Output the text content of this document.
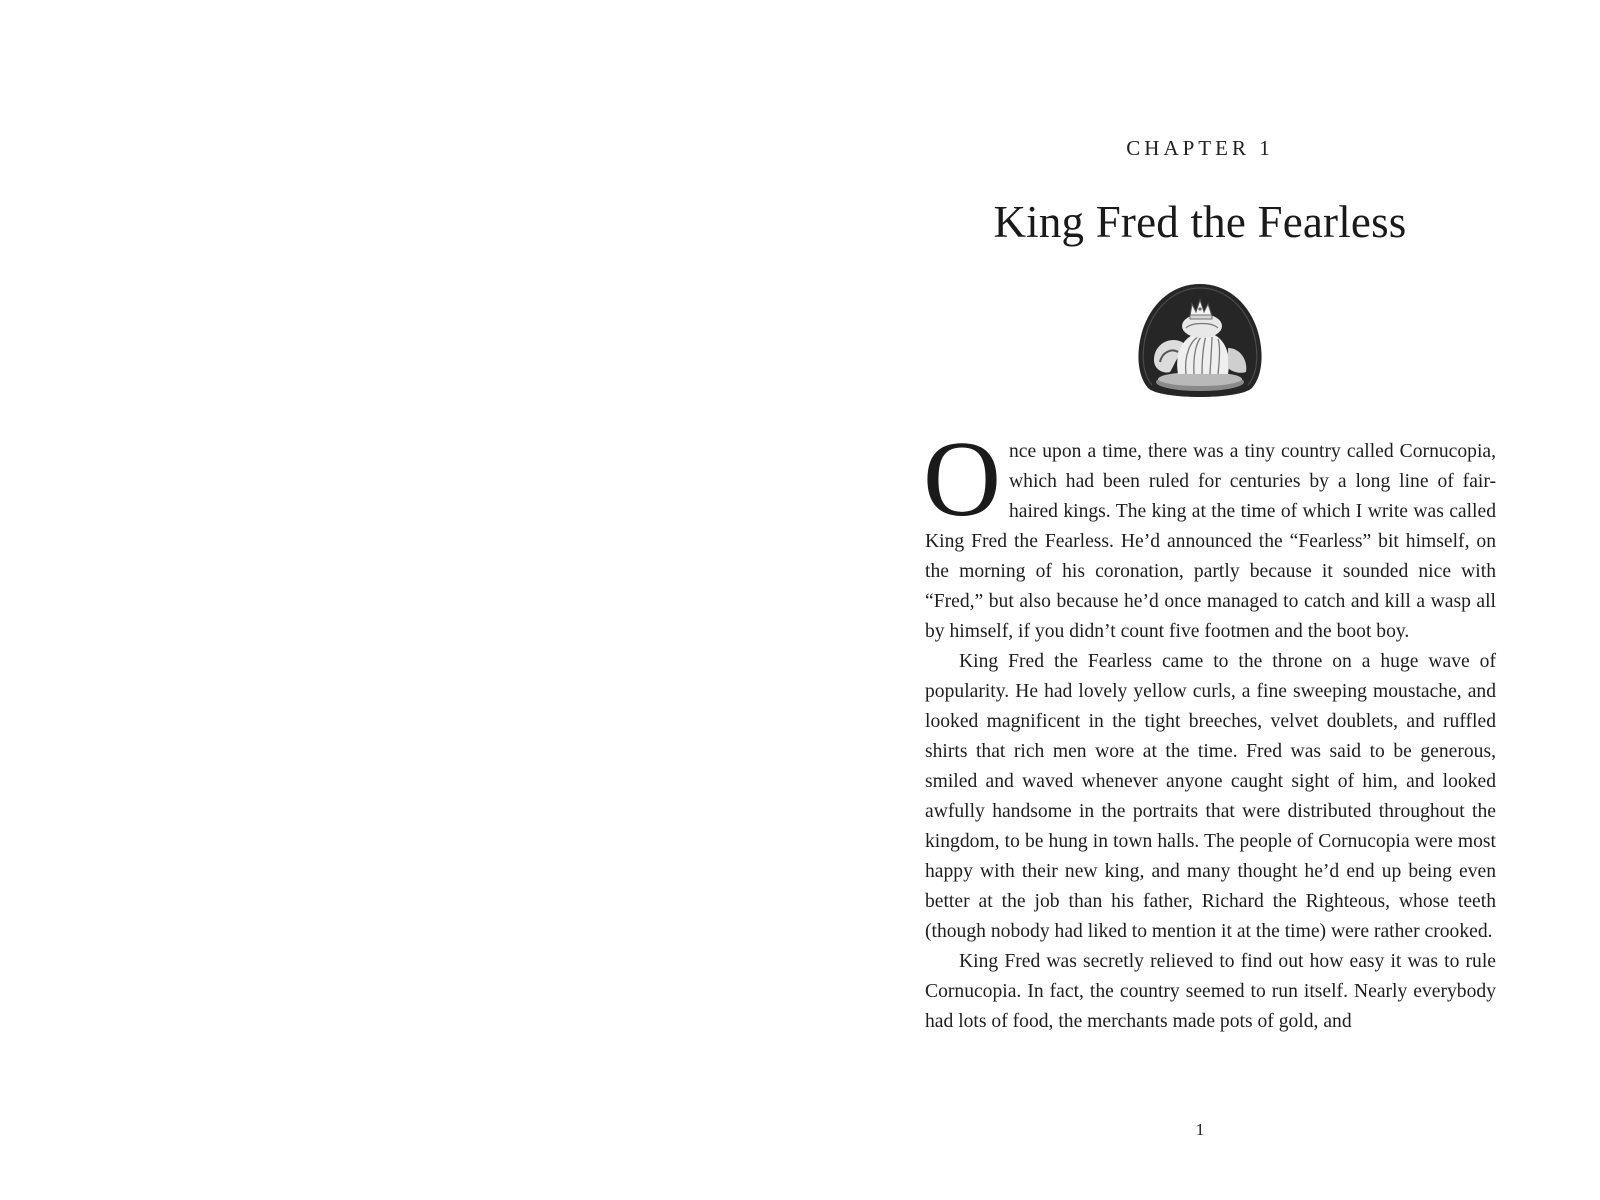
CHAPTER 1
King Fred the Fearless

Once upon a time, there was a tiny country called Cornucopia, which had been ruled for centuries by a long line of fair-haired kings. The king at the time of which I write was called King Fred the Fearless. He’d announced the “Fearless” bit himself, on the morning of his coronation, partly because it sounded nice with “Fred,” but also because he’d once managed to catch and kill a wasp all by himself, if you didn’t count five footmen and the boot boy.

King Fred the Fearless came to the throne on a huge wave of popularity. He had lovely yellow curls, a fine sweeping moustache, and looked magnificent in the tight breeches, velvet doublets, and ruffled shirts that rich men wore at the time. Fred was said to be generous, smiled and waved whenever anyone caught sight of him, and looked awfully handsome in the portraits that were distributed throughout the kingdom, to be hung in town halls. The people of Cornucopia were most happy with their new king, and many thought he’d end up being even better at the job than his father, Richard the Righteous, whose teeth (though nobody had liked to mention it at the time) were rather crooked.

King Fred was secretly relieved to find out how easy it was to rule Cornucopia. In fact, the country seemed to run itself. Nearly everybody had lots of food, the merchants made pots of gold, and

1
